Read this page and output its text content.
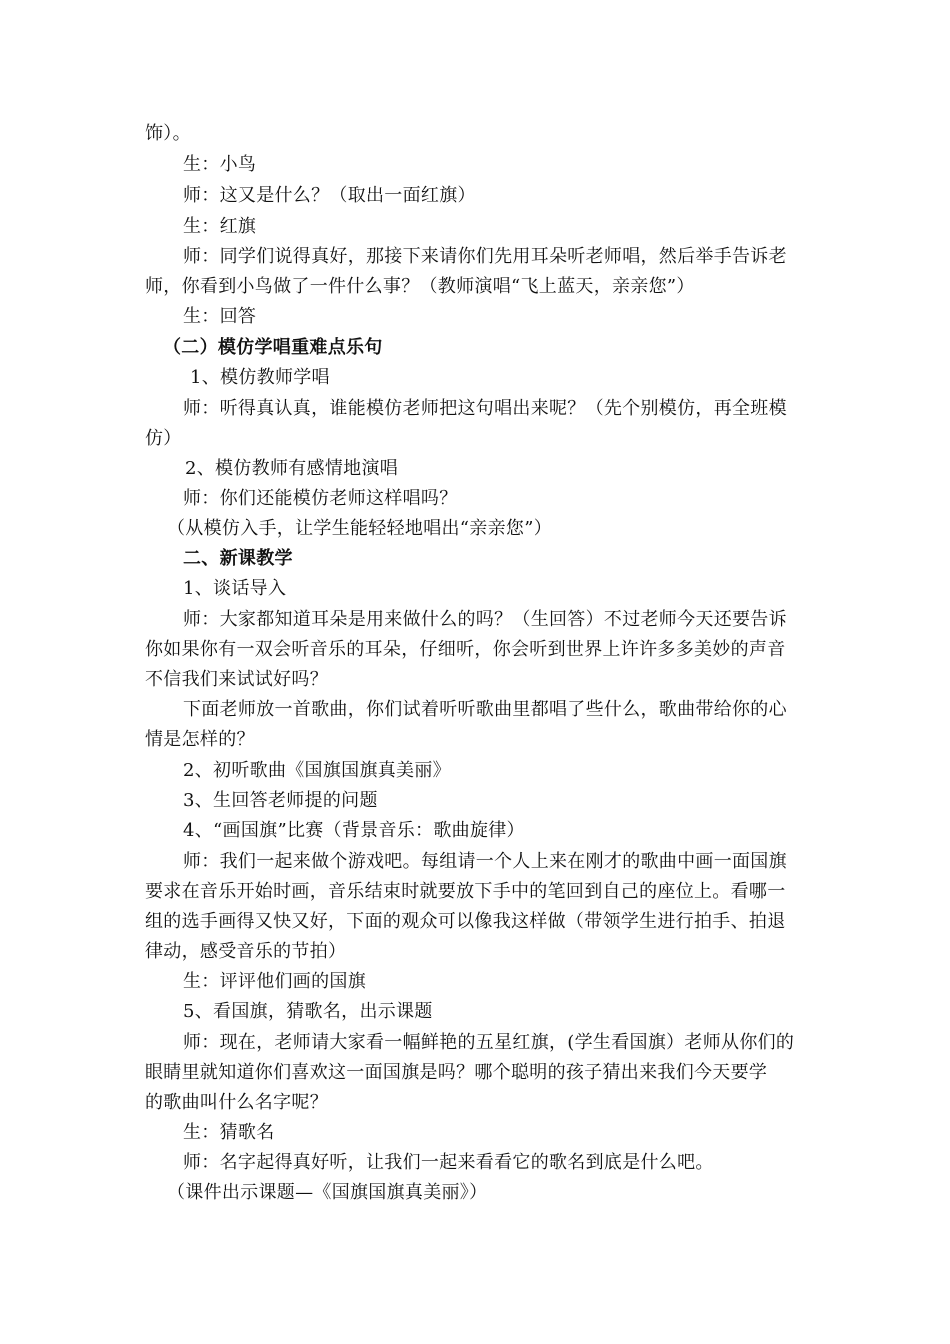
饰）。
生：小鸟
师：这又是什么？（取出一面红旗）
生：红旗
师：同学们说得真好，那接下来请你们先用耳朵听老师唱，然后举手告诉老
师，你看到小鸟做了一件什么事？（教师演唱“飞上蓝天，亲亲您”）
生：回答
（二）模仿学唱重难点乐句
1、模仿教师学唱
师：听得真认真，谁能模仿老师把这句唱出来呢？（先个别模仿，再全班模
仿）
2、模仿教师有感情地演唱
师：你们还能模仿老师这样唱吗？
（从模仿入手，让学生能轻轻地唱出“亲亲您”）
二、新课教学
1、谈话导入
师：大家都知道耳朵是用来做什么的吗？（生回答）不过老师今天还要告诉
你如果你有一双会听音乐的耳朵，仔细听，你会听到世界上许许多多美妙的声音
不信我们来试试好吗？
下面老师放一首歌曲，你们试着听听歌曲里都唱了些什么，歌曲带给你的心
情是怎样的？
2、初听歌曲《国旗国旗真美丽》
3、生回答老师提的问题
4、“画国旗”比赛（背景音乐：歌曲旋律）
师：我们一起来做个游戏吧。每组请一个人上来在刚才的歌曲中画一面国旗
要求在音乐开始时画，音乐结束时就要放下手中的笔回到自己的座位上。看哪一
组的选手画得又快又好，下面的观众可以像我这样做（带领学生进行拍手、拍退
律动，感受音乐的节拍）
生：评评他们画的国旗
5、看国旗，猜歌名，出示课题
师：现在，老师请大家看一幅鲜艳的五星红旗，(学生看国旗）老师从你们的
眼睛里就知道你们喜欢这一面国旗是吗？哪个聪明的孩子猜出来我们今天要学
的歌曲叫什么名字呢？
生：猜歌名
师：名字起得真好听，让我们一起来看看它的歌名到底是什么吧。
（课件出示课题—《国旗国旗真美丽》）
